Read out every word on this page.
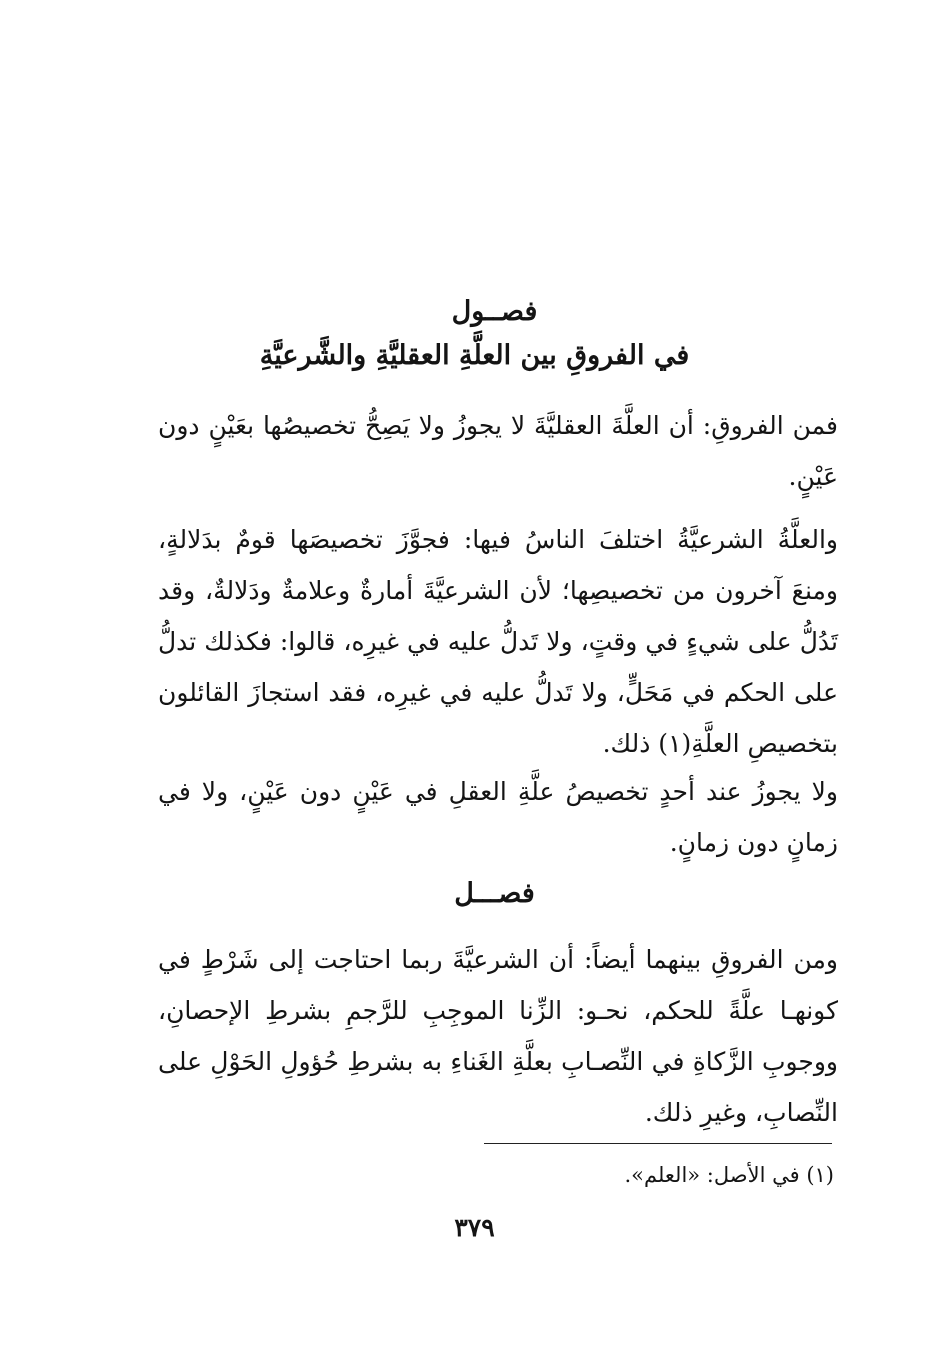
فصــول
في الفروقِ بين العلَّةِ العقليَّةِ والشَّرعيَّةِ

فمن الفروقِ: أن العلَّةَ العقليَّةَ لا يجوزُ ولا يَصِحُّ تخصيصُها بعَيْنٍ دون عَيْنٍ.

والعلَّةُ الشرعيَّةُ اختلفَ الناسُ فيها: فجوَّزَ تخصيصَها قومٌ بدَلالةٍ، ومنعَ آخرون من تخصيصِها؛ لأن الشرعيَّةَ أمارةٌ وعلامةٌ ودَلالةٌ، وقد تَدُلُّ على شيءٍ في وقتٍ، ولا تَدلُّ عليه في غيرِه، قالوا: فكذلك تدلُّ على الحكم في مَحَلٍّ، ولا تَدلُّ عليه في غيرِه، فقد استجازَ القائلون بتخصيصِ العلَّةِ(١) ذلك.

ولا يجوزُ عند أحدٍ تخصيصُ علَّةِ العقلِ في عَيْنٍ دون عَيْنٍ، ولا في زمانٍ دون زمانٍ.

فصـــل

ومن الفروقِ بينهما أيضاً: أن الشرعيَّةَ ربما احتاجت إلى شَرْطٍ في كونهـا علَّةً للحكم، نحـو: الزِّنا الموجِبِ للرَّجمِ بشرطِ الإحصانِ، ووجوبِ الزَّكاةِ في النِّصـابِ بعلَّةِ الغَناءِ به بشرطِ حُؤولِ الحَوْلِ على النِّصابِ، وغيرِ ذلك.

(١) في الأصل: «العلم».

٣٧٩
